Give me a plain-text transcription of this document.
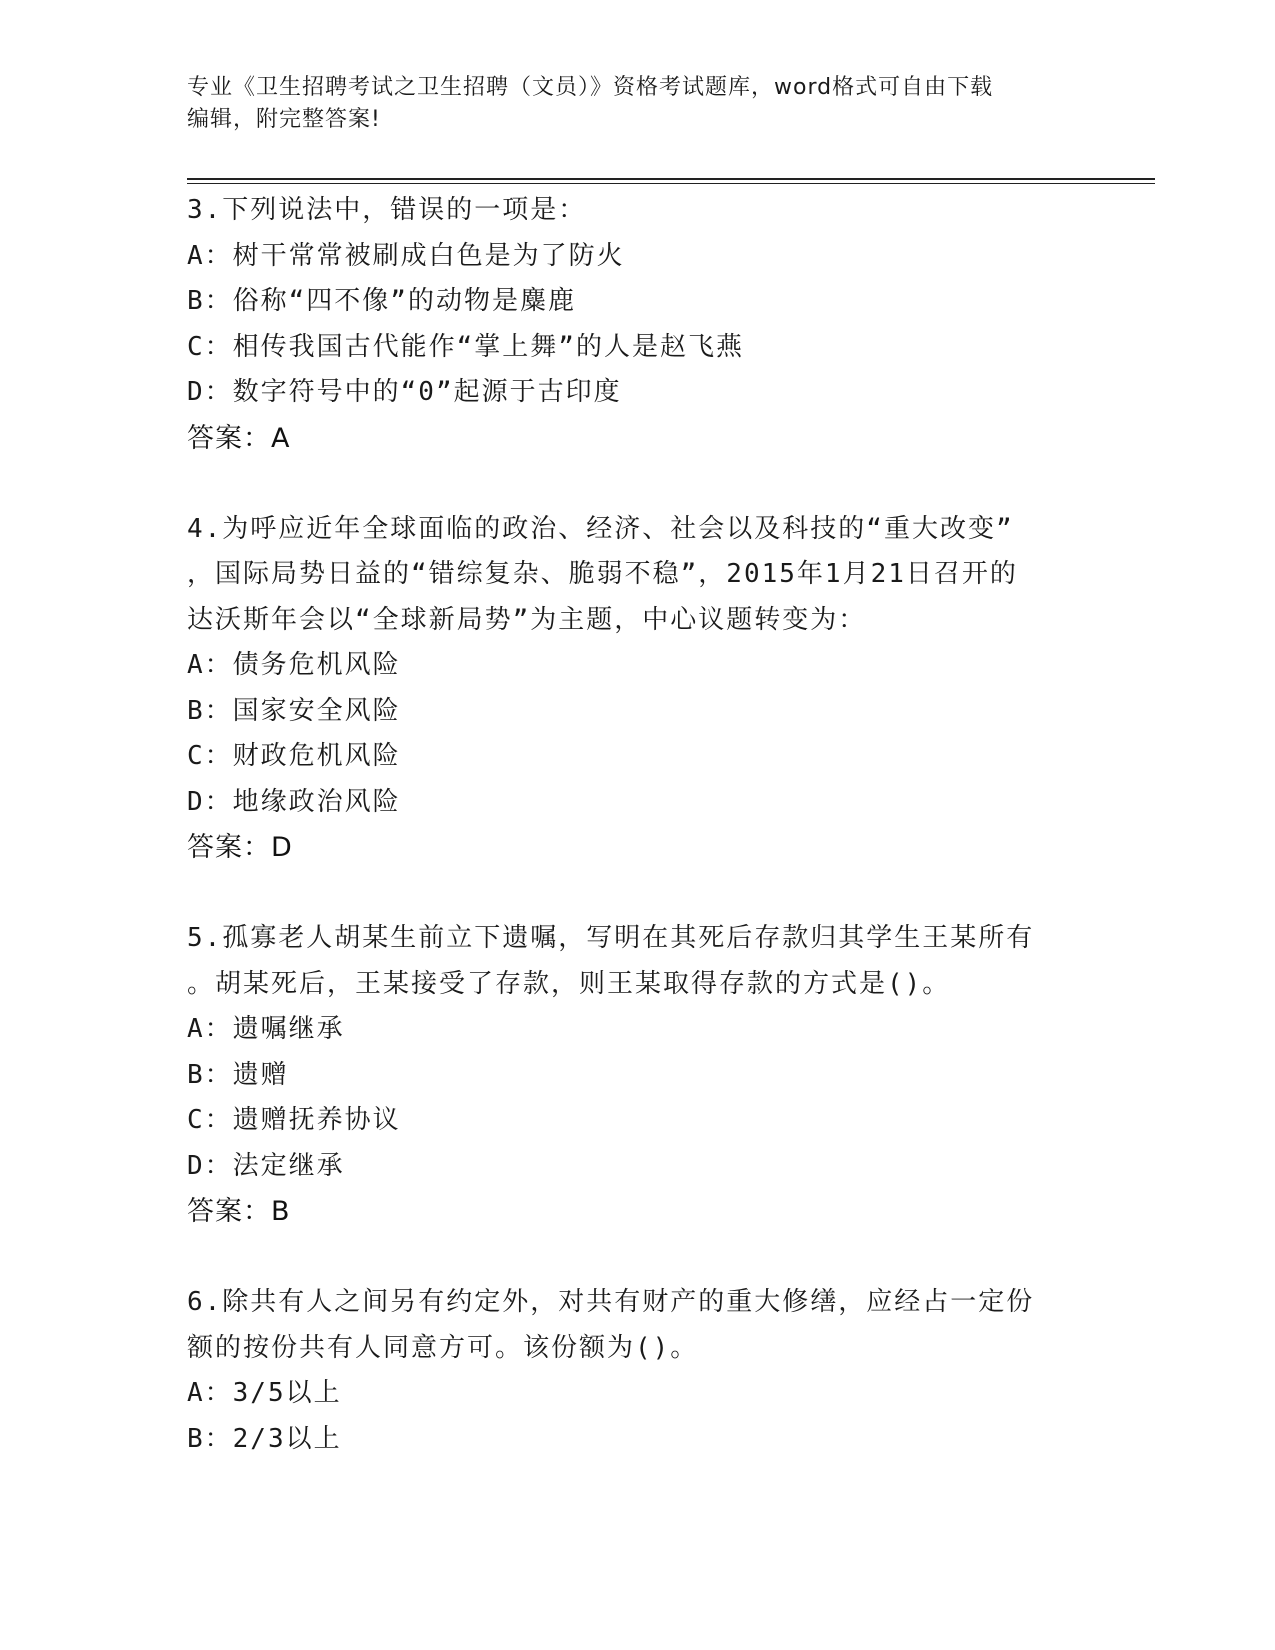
专业《卫生招聘考试之卫生招聘（文员）》资格考试题库，word格式可自由下载
编辑，附完整答案!
3.下列说法中，错误的一项是：
A：树干常常被刷成白色是为了防火
B：俗称“四不像”的动物是麋鹿
C：相传我国古代能作“掌上舞”的人是赵飞燕
D：数字符号中的“0”起源于古印度
答案：A
4.为呼应近年全球面临的政治、经济、社会以及科技的“重大改变”
，国际局势日益的“错综复杂、脆弱不稳”，2015年1月21日召开的
达沃斯年会以“全球新局势”为主题，中心议题转变为：
A：债务危机风险
B：国家安全风险
C：财政危机风险
D：地缘政治风险
答案：D
5.孤寡老人胡某生前立下遗嘱，写明在其死后存款归其学生王某所有
。胡某死后，王某接受了存款，则王某取得存款的方式是()。
A：遗嘱继承
B：遗赠
C：遗赠抚养协议
D：法定继承
答案：B
6.除共有人之间另有约定外，对共有财产的重大修缮，应经占一定份
额的按份共有人同意方可。该份额为()。
A：3/5以上
B：2/3以上
